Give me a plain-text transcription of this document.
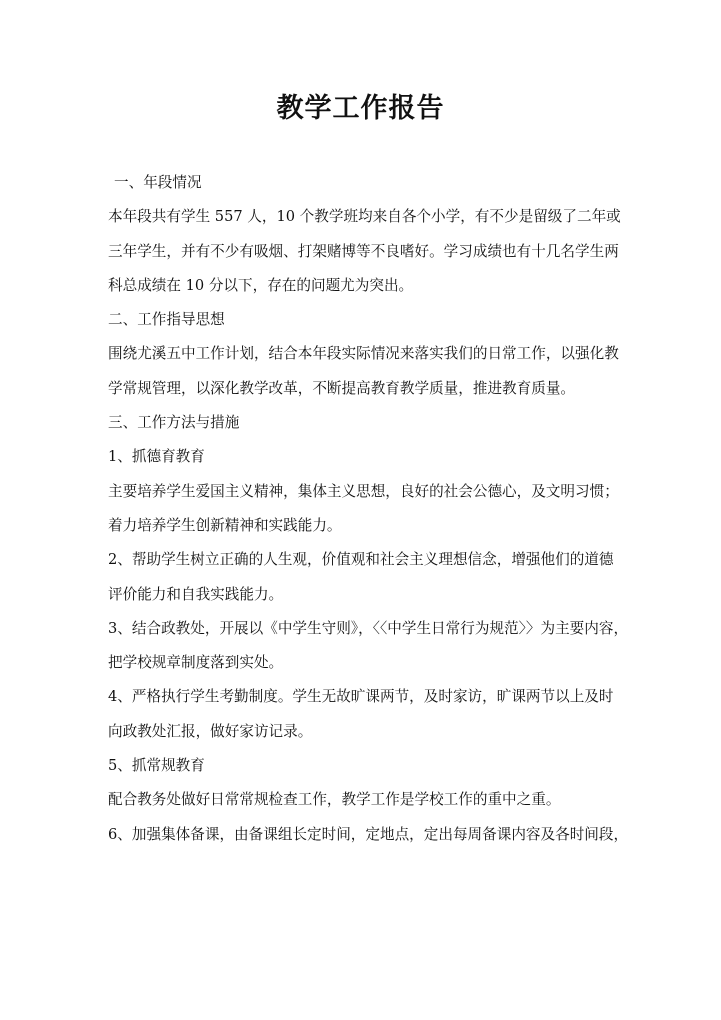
教学工作报告
一、年段情况
本年段共有学生 557 人，10 个教学班均来自各个小学，有不少是留级了二年或
三年学生，并有不少有吸烟、打架赌博等不良嗜好。学习成绩也有十几名学生两
科总成绩在 10 分以下，存在的问题尤为突出。
二、工作指导思想
围绕尤溪五中工作计划，结合本年段实际情况来落实我们的日常工作，以强化教
学常规管理，以深化教学改革，不断提高教育教学质量，推进教育质量。
三、工作方法与措施
1、抓德育教育
主要培养学生爱国主义精神，集体主义思想，良好的社会公德心，及文明习惯；
着力培养学生创新精神和实践能力。
2、帮助学生树立正确的人生观，价值观和社会主义理想信念，增强他们的道德
评价能力和自我实践能力。
3、结合政教处，开展以《中学生守则》，〈〈中学生日常行为规范〉〉为主要内容，
把学校规章制度落到实处。
4、严格执行学生考勤制度。学生无故旷课两节，及时家访，旷课两节以上及时
向政教处汇报，做好家访记录。
5、抓常规教育
配合教务处做好日常常规检查工作，教学工作是学校工作的重中之重。
6、加强集体备课，由备课组长定时间，定地点，定出每周备课内容及各时间段，
